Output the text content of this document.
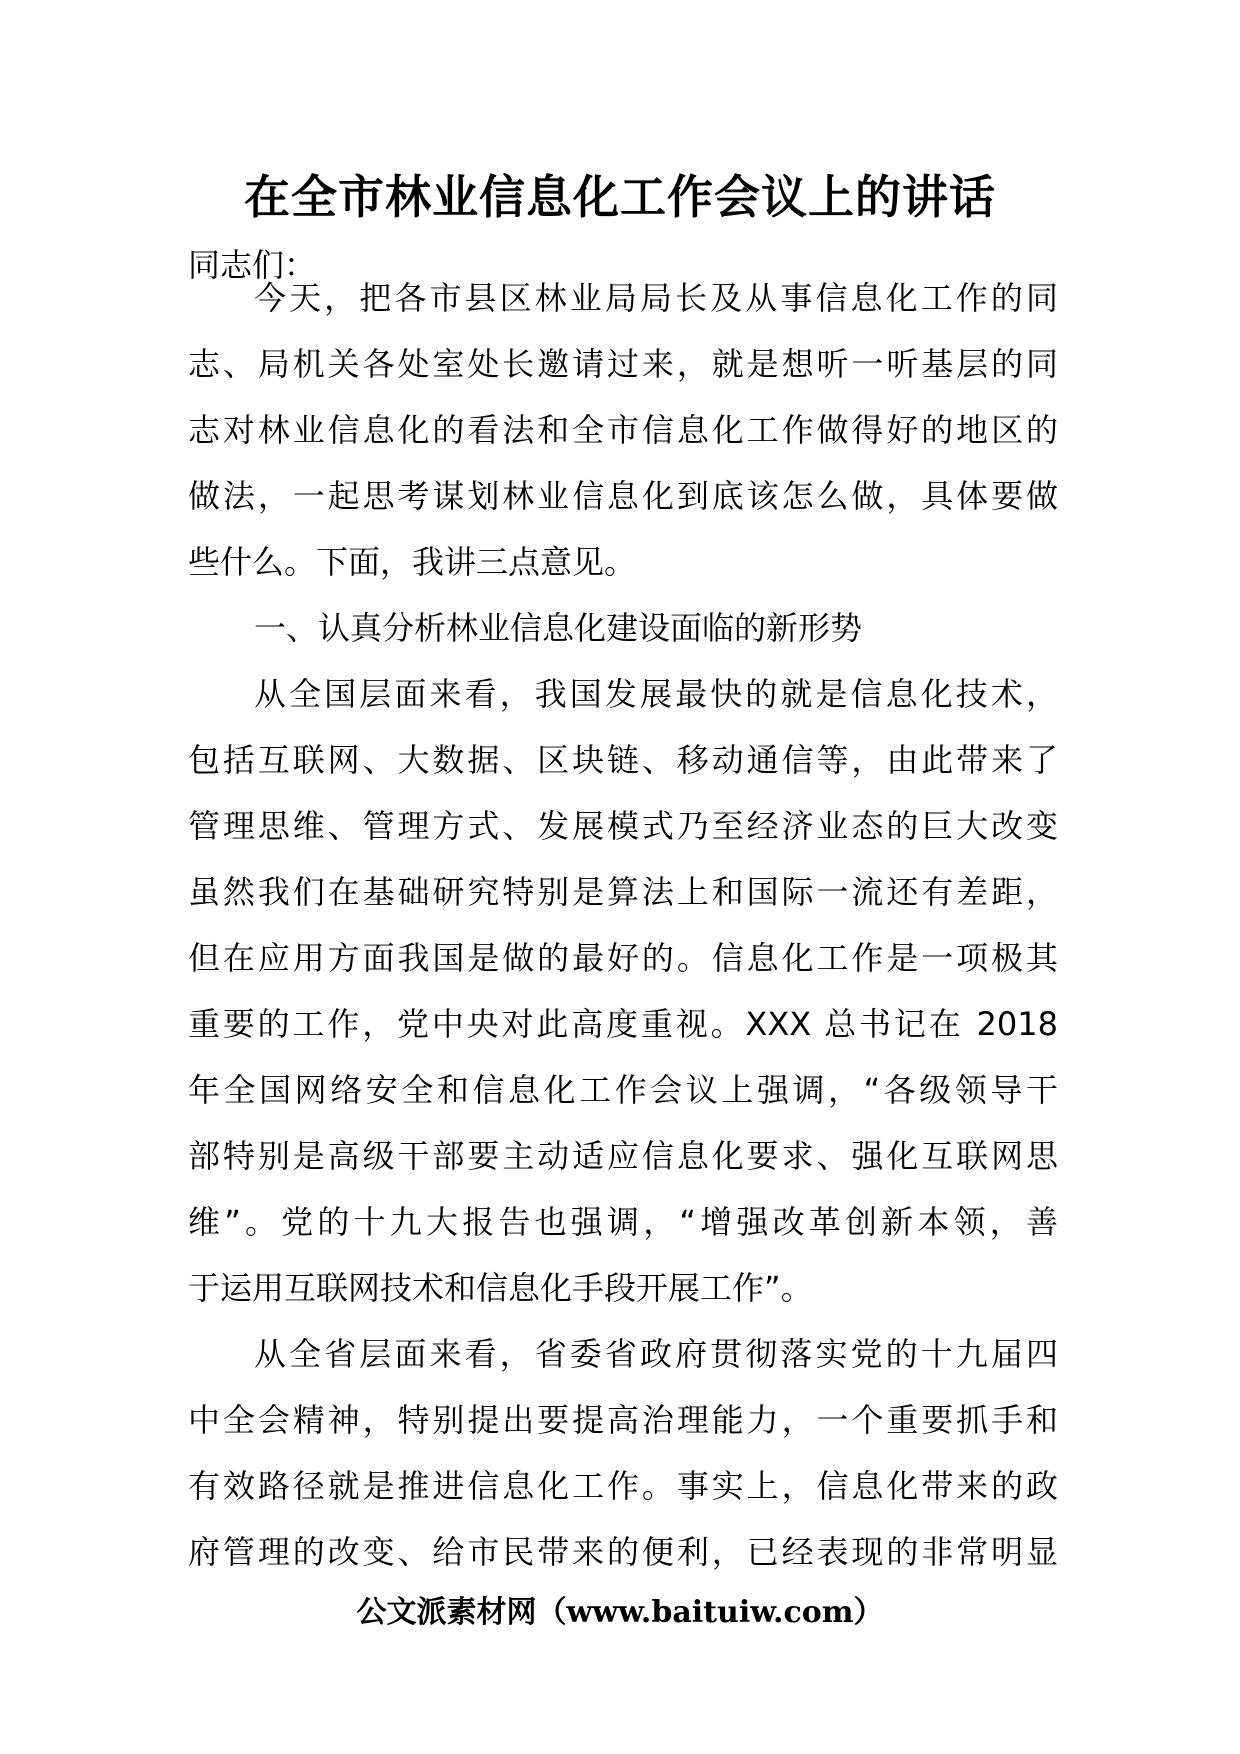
在全市林业信息化工作会议上的讲话
同志们：
今天，把各市县区林业局局长及从事信息化工作的同
志、局机关各处室处长邀请过来，就是想听一听基层的同
志对林业信息化的看法和全市信息化工作做得好的地区的
做法，一起思考谋划林业信息化到底该怎么做，具体要做
些什么。下面，我讲三点意见。
一、认真分析林业信息化建设面临的新形势
从全国层面来看，我国发展最快的就是信息化技术，
包括互联网、大数据、区块链、移动通信等，由此带来了
管理思维、管理方式、发展模式乃至经济业态的巨大改变
虽然我们在基础研究特别是算法上和国际一流还有差距，
但在应用方面我国是做的最好的。信息化工作是一项极其
重要的工作，党中央对此高度重视。XXX 总书记在 2018
年全国网络安全和信息化工作会议上强调，“各级领导干
部特别是高级干部要主动适应信息化要求、强化互联网思
维”。党的十九大报告也强调，“增强改革创新本领，善
于运用互联网技术和信息化手段开展工作”。
从全省层面来看，省委省政府贯彻落实党的十九届四
中全会精神，特别提出要提高治理能力，一个重要抓手和
有效路径就是推进信息化工作。事实上，信息化带来的政
府管理的改变、给市民带来的便利，已经表现的非常明显
公文派素材网（www.baituiw.com）
